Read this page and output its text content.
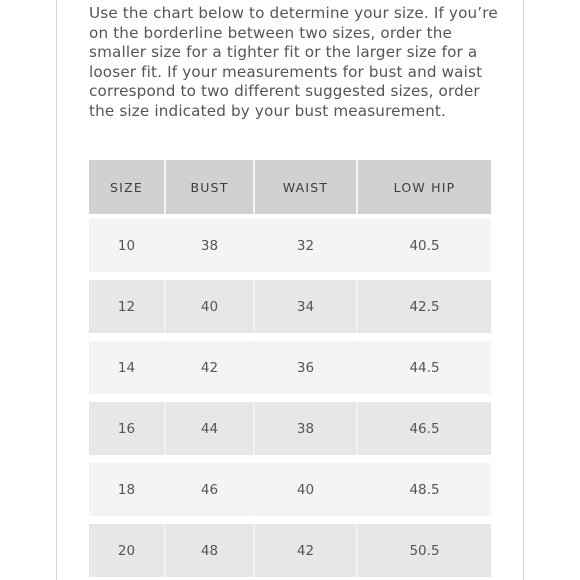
Use the chart below to determine your size. If you’re on the borderline between two sizes, order the smaller size for a tighter fit or the larger size for a looser fit. If your measurements for bust and waist correspond to two different suggested sizes, order the size indicated by your bust measurement.

SIZE	BUST	WAIST	LOW HIP
10	38	32	40.5
12	40	34	42.5
14	42	36	44.5
16	44	38	46.5
18	46	40	48.5
20	48	42	50.5
